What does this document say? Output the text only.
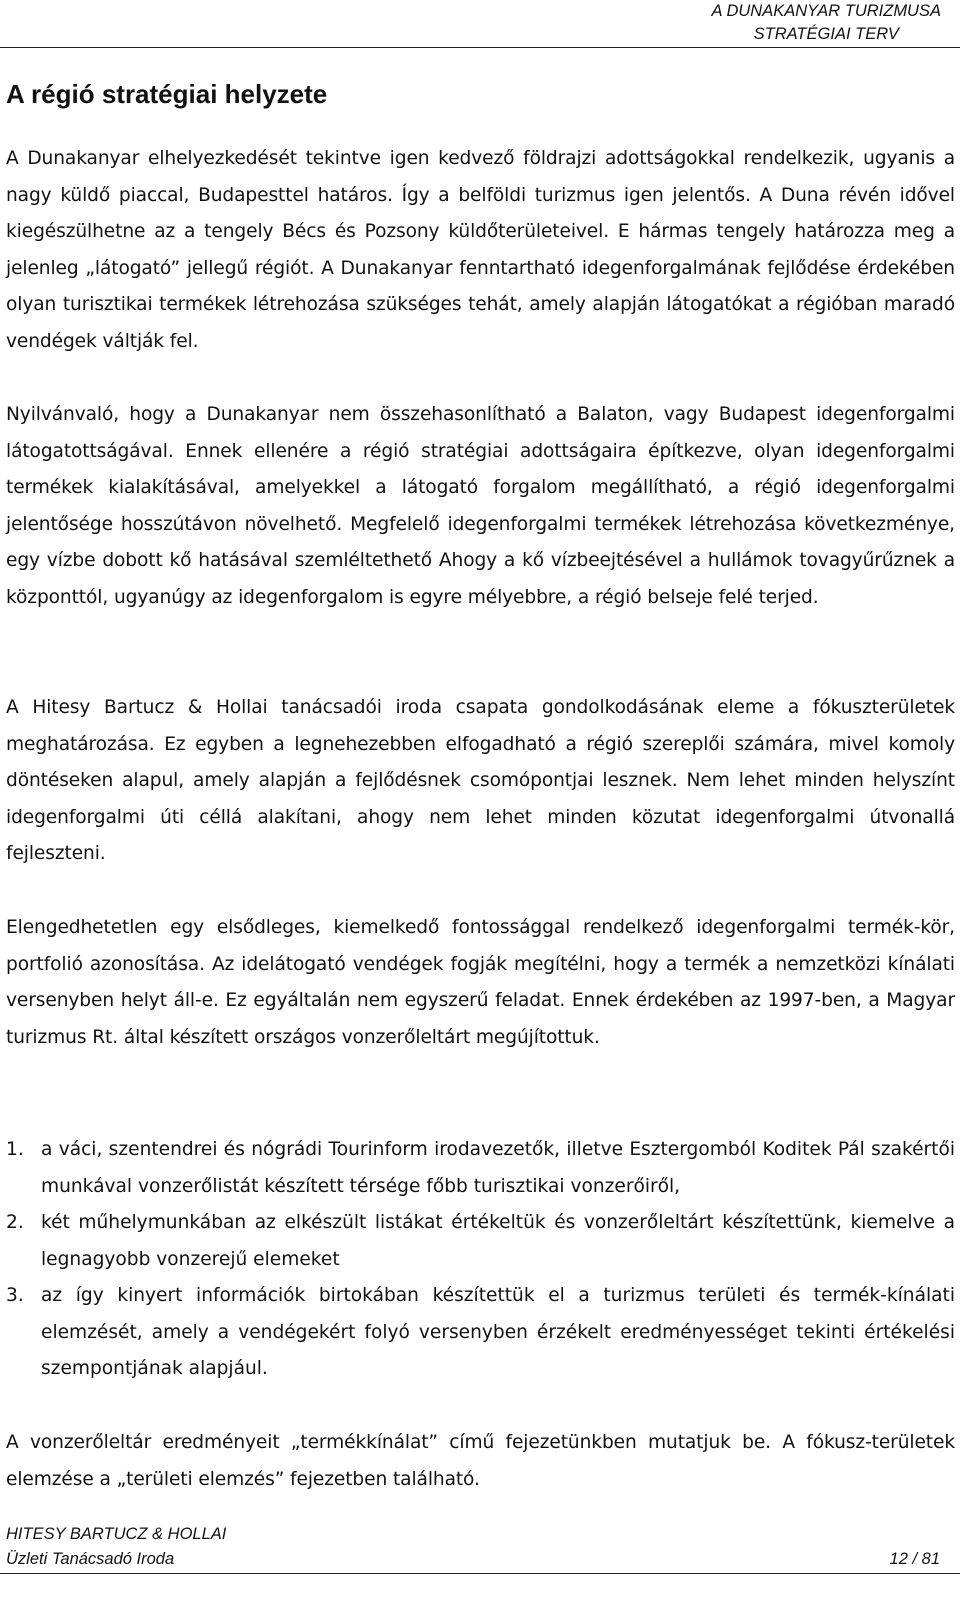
A DUNAKANYAR TURIZMUSA
STRATÉGIAI TERV
A régió stratégiai helyzete

A Dunakanyar elhelyezkedését tekintve igen kedvező földrajzi adottságokkal rendelkezik, ugyanis a nagy küldő piaccal, Budapesttel határos. Így a belföldi turizmus igen jelentős. A Duna révén idővel kiegészülhetne az a tengely Bécs és Pozsony küldőterületeivel. E hármas tengely határozza meg a jelenleg „látogató” jellegű régiót. A Dunakanyar fenntartható idegenforgalmának fejlődése érdekében olyan turisztikai termékek létrehozása szükséges tehát, amely alapján látogatókat a régióban maradó vendégek váltják fel.

Nyilvánvaló, hogy a Dunakanyar nem összehasonlítható a Balaton, vagy Budapest idegenforgalmi látogatottságával. Ennek ellenére a régió stratégiai adottságaira építkezve, olyan idegenforgalmi termékek kialakításával, amelyekkel a látogató forgalom megállítható, a régió idegenforgalmi jelentősége hosszútávon növelhető. Megfelelő idegenforgalmi termékek létrehozása következménye, egy vízbe dobott kő hatásával szemléltethető Ahogy a kő vízbeejtésével a hullámok tovagyűrűznek a központtól, ugyanúgy az idegenforgalom is egyre mélyebbre, a régió belseje felé terjed.

A Hitesy Bartucz & Hollai tanácsadói iroda csapata gondolkodásának eleme a fókuszterületek meghatározása. Ez egyben a legnehezebben elfogadható a régió szereplői számára, mivel komoly döntéseken alapul, amely alapján a fejlődésnek csomópontjai lesznek. Nem lehet minden helyszínt idegenforgalmi úti céllá alakítani, ahogy nem lehet minden közutat idegenforgalmi útvonallá fejleszteni.

Elengedhetetlen egy elsődleges, kiemelkedő fontossággal rendelkező idegenforgalmi termék-kör, portfolió azonosítása. Az idelátogató vendégek fogják megítélni, hogy a termék a nemzetközi kínálati versenyben helyt áll-e. Ez egyáltalán nem egyszerű feladat. Ennek érdekében az 1997-ben, a Magyar turizmus Rt. által készített országos vonzerőleltárt megújítottuk.

1. a váci, szentendrei és nógrádi Tourinform irodavezetők, illetve Esztergomból Koditek Pál szakértői munkával vonzerőlistát készített térsége főbb turisztikai vonzerőiről,
2. két műhelymunkában az elkészült listákat értékeltük és vonzerőleltárt készítettünk, kiemelve a legnagyobb vonzerejű elemeket
3. az így kinyert információk birtokában készítettük el a turizmus területi és termék-kínálati elemzését, amely a vendégekért folyó versenyben érzékelt eredményességet tekinti értékelési szempontjának alapjául.

A vonzerőleltár eredményeit „termékkínálat” című fejezetünkben mutatjuk be. A fókusz-területek elemzése a „területi elemzés” fejezetben található.

HITESY BARTUCZ & HOLLAI
Üzleti Tanácsadó Iroda	12 / 81
